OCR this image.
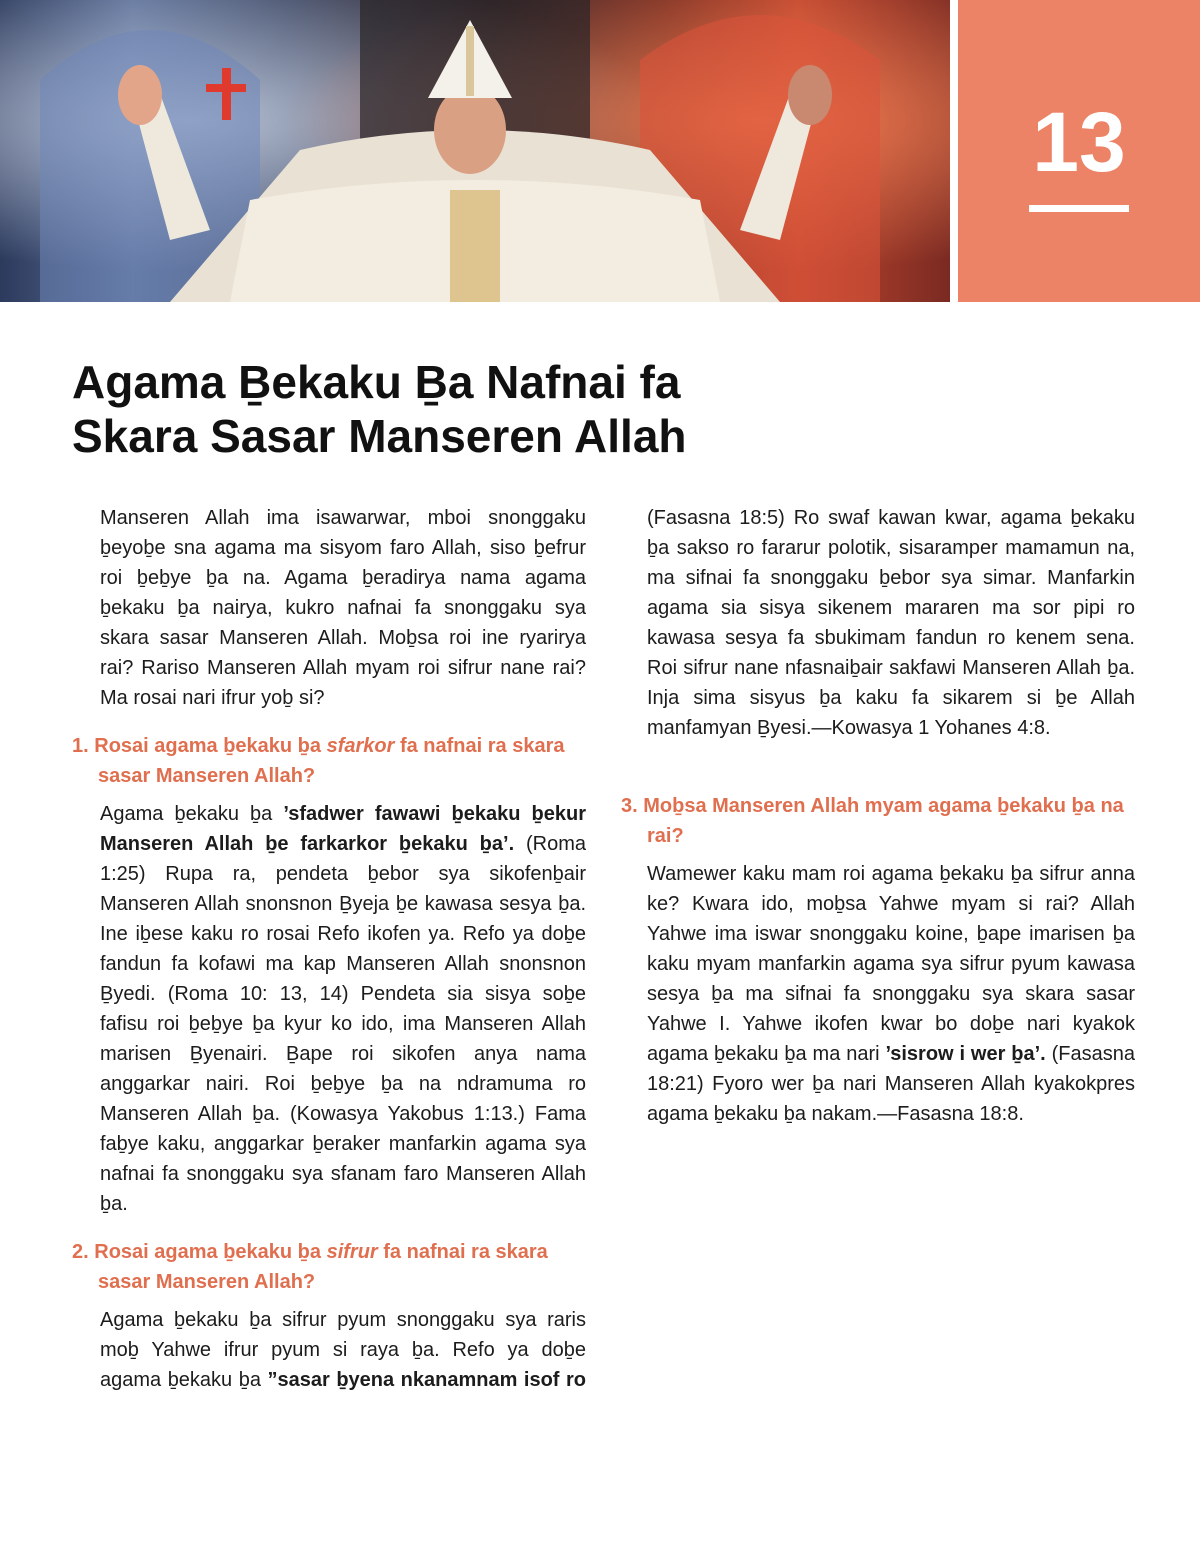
13
Agama Ḇekaku Ḇa Nafnai fa
Skara Sasar Manseren Allah

Manseren Allah ima isawarwar, mboi snonggaku ḇeyoḇe sna agama ma sisyom faro Allah, siso ḇefrur roi ḇeḇye ḇa na. Agama ḇeradirya nama agama ḇekaku ḇa nairya, kukro nafnai fa snonggaku sya skara sasar Manseren Allah. Moḇsa roi ine ryarirya rai? Rariso Manseren Allah myam roi sifrur nane rai? Ma rosai nari ifrur yoḇ si?

1. Rosai agama ḇekaku ḇa sfarkor fa nafnai ra skara sasar Manseren Allah?

Agama ḇekaku ḇa ’sfadwer fawawi ḇekaku ḇekur Manseren Allah ḇe farkarkor ḇekaku ḇa’. (Roma 1:25) Rupa ra, pendeta ḇebor sya sikofenḇair Manseren Allah snonsnon Ḇyeja ḇe kawasa sesya ḇa. Ine iḇese kaku ro rosai Refo ikofen ya. Refo ya doḇe fandun fa kofawi ma kap Manseren Allah snonsnon Ḇyedi. (Roma 10: 13, 14) Pendeta sia sisya soḇe fafisu roi ḇeḇye ḇa kyur ko ido, ima Manseren Allah marisen Ḇyenairi. Ḇape roi sikofen anya nama anggarkar nairi. Roi ḇeḇye ḇa na ndramuma ro Manseren Allah ḇa. (Kowasya Yakobus 1:13.) Fama faḇye kaku, anggarkar ḇeraker manfarkin agama sya nafnai fa snonggaku sya sfanam faro Manseren Allah ḇa.

2. Rosai agama ḇekaku ḇa sifrur fa nafnai ra skara sasar Manseren Allah?

Agama ḇekaku ḇa sifrur pyum snonggaku sya raris moḇ Yahwe ifrur pyum si raya ḇa. Refo ya doḇe agama ḇekaku ḇa ”sasar ḇyena nkanamnam isof ro

(Fasasna 18:5) Ro swaf kawan kwar, agama ḇekaku ḇa sakso ro fararur polotik, sisaramper mamamun na, ma sifnai fa snonggaku ḇebor sya simar. Manfarkin agama sia sisya sikenem mararen ma sor pipi ro kawasa sesya fa sbukimam fandun ro kenem sena. Roi sifrur nane nfasnaiḇair sakfawi Manseren Allah ḇa. Inja sima sisyus ḇa kaku fa sikarem si ḇe Allah manfamyan Ḇyesi.—Kowasya 1 Yohanes 4:8.

3. Moḇsa Manseren Allah myam agama ḇekaku ḇa na rai?

Wamewer kaku mam roi agama ḇekaku ḇa sifrur anna ke? Kwara ido, moḇsa Yahwe myam si rai? Allah Yahwe ima iswar snonggaku koine, ḇape imarisen ḇa kaku myam manfarkin agama sya sifrur pyum kawasa sesya ḇa ma sifnai fa snonggaku sya skara sasar Yahwe I. Yahwe ikofen kwar bo doḇe nari kyakok agama ḇekaku ḇa ma nari ’sisrow i wer ḇa’. (Fasasna 18:21) Fyoro wer ḇa nari Manseren Allah kyakokpres agama ḇekaku ḇa nakam.—Fasasna 18:8.
